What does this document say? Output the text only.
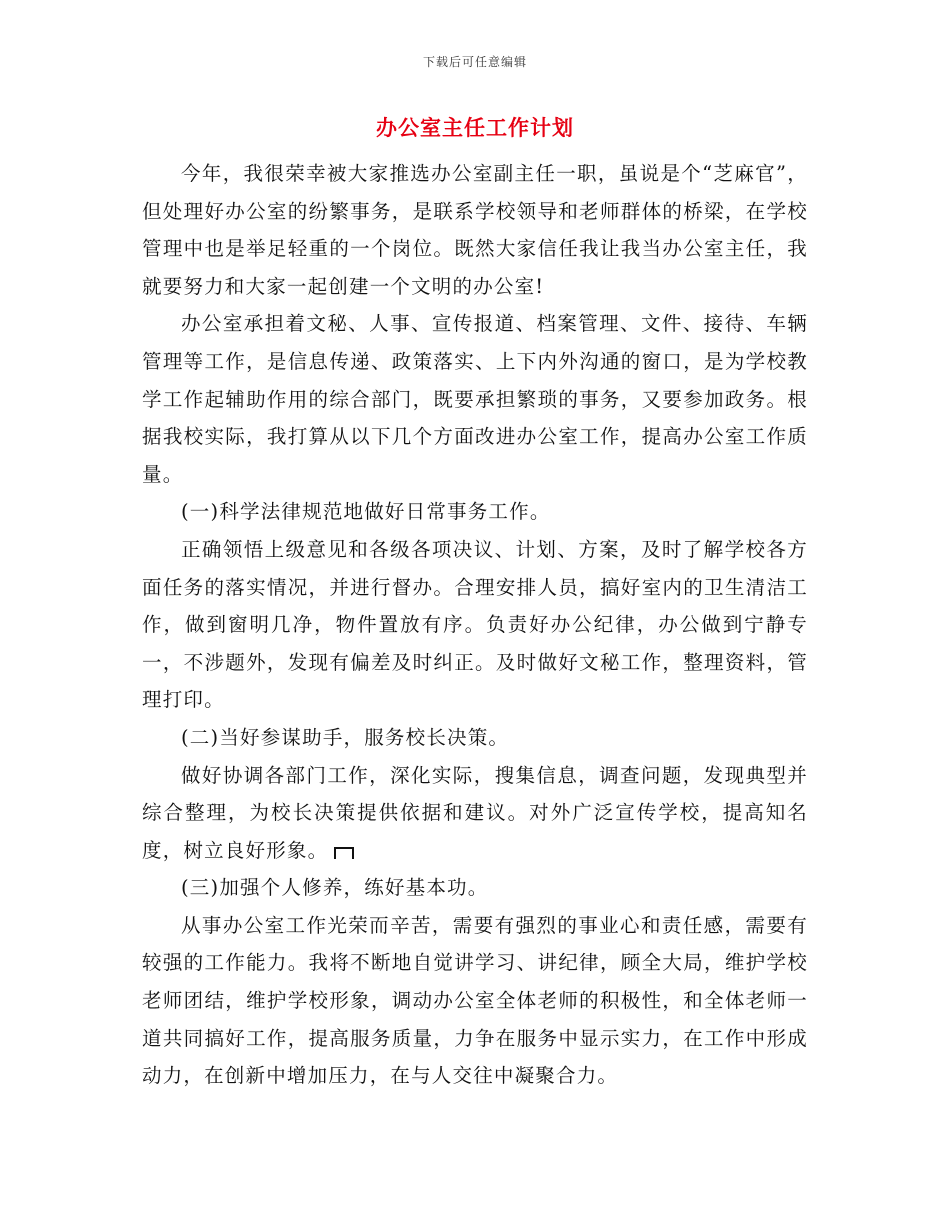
下载后可任意编辑
办公室主任工作计划

今年，我很荣幸被大家推选办公室副主任一职，虽说是个“芝麻官”，但处理好办公室的纷繁事务，是联系学校领导和老师群体的桥梁，在学校管理中也是举足轻重的一个岗位。既然大家信任我让我当办公室主任，我就要努力和大家一起创建一个文明的办公室!

办公室承担着文秘、人事、宣传报道、档案管理、文件、接待、车辆管理等工作，是信息传递、政策落实、上下内外沟通的窗口，是为学校教学工作起辅助作用的综合部门，既要承担繁琐的事务，又要参加政务。根据我校实际，我打算从以下几个方面改进办公室工作，提高办公室工作质量。

(一)科学法律规范地做好日常事务工作。

正确领悟上级意见和各级各项决议、计划、方案，及时了解学校各方面任务的落实情况，并进行督办。合理安排人员，搞好室内的卫生清洁工作，做到窗明几净，物件置放有序。负责好办公纪律，办公做到宁静专一，不涉题外，发现有偏差及时纠正。及时做好文秘工作，整理资料，管理打印。

(二)当好参谋助手，服务校长决策。

做好协调各部门工作，深化实际，搜集信息，调查问题，发现典型并综合整理，为校长决策提供依据和建议。对外广泛宣传学校，提高知名度，树立良好形象。

(三)加强个人修养，练好基本功。

从事办公室工作光荣而辛苦，需要有强烈的事业心和责任感，需要有较强的工作能力。我将不断地自觉讲学习、讲纪律，顾全大局，维护学校老师团结，维护学校形象，调动办公室全体老师的积极性，和全体老师一道共同搞好工作，提高服务质量，力争在服务中显示实力，在工作中形成动力，在创新中增加压力，在与人交往中凝聚合力。
